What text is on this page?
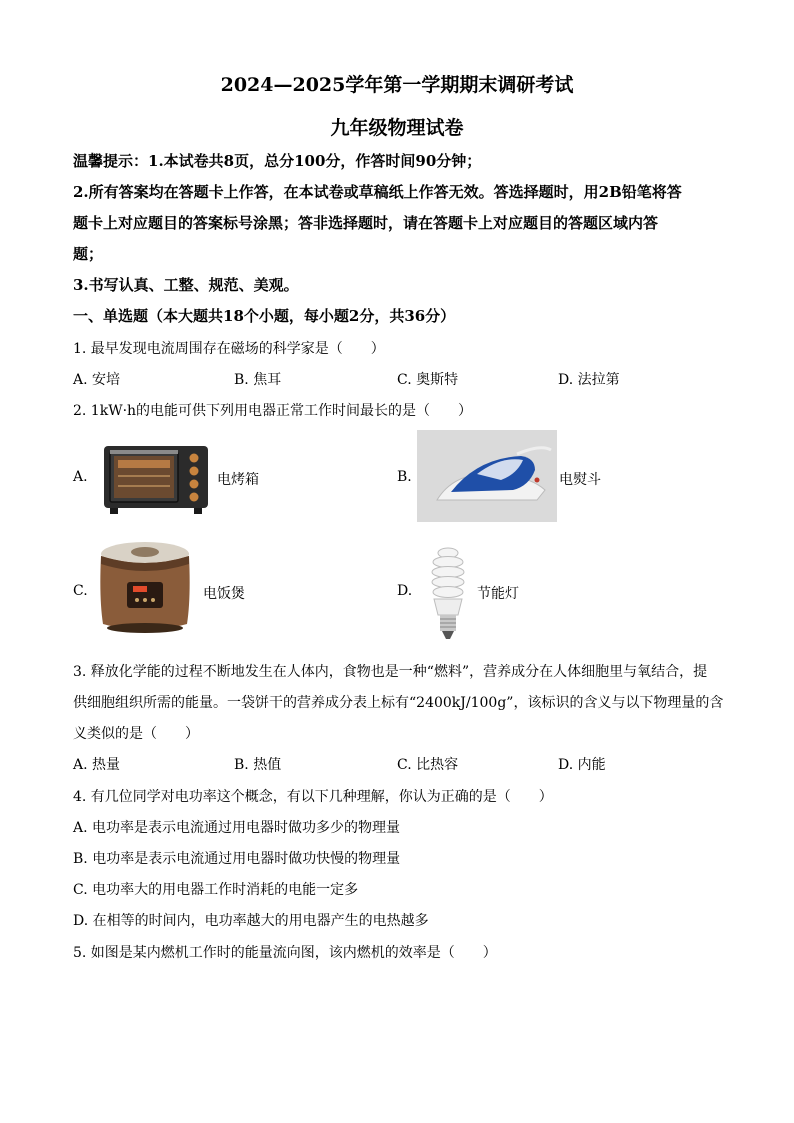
2024—2025学年第一学期期末调研考试
九年级物理试卷
温馨提示：1.本试卷共8页，总分100分，作答时间90分钟；
2.所有答案均在答题卡上作答，在本试卷或草稿纸上作答无效。答选择题时，用2B铅笔将答
题卡上对应题目的答案标号涂黑；答非选择题时，请在答题卡上对应题目的答题区域内答
题；
3.书写认真、工整、规范、美观。
一、单选题（本大题共18个小题，每小题2分，共36分）
1. 最早发现电流周围存在磁场的科学家是（　　）
A. 安培	B. 焦耳	C. 奥斯特	D. 法拉第
2. 1kW·h的电能可供下列用电器正常工作时间最长的是（　　）
A.	电烤箱	B.	电熨斗
C.	电饭煲	D.	节能灯
3. 释放化学能的过程不断地发生在人体内，食物也是一种“燃料”，营养成分在人体细胞里与氧结合，提
供细胞组织所需的能量。一袋饼干的营养成分表上标有“2400kJ/100g”，该标识的含义与以下物理量的含
义类似的是（　　）
A. 热量	B. 热值	C. 比热容	D. 内能
4. 有几位同学对电功率这个概念，有以下几种理解，你认为正确的是（　　）
A. 电功率是表示电流通过用电器时做功多少的物理量
B. 电功率是表示电流通过用电器时做功快慢的物理量
C. 电功率大的用电器工作时消耗的电能一定多
D. 在相等的时间内，电功率越大的用电器产生的电热越多
5. 如图是某内燃机工作时的能量流向图，该内燃机的效率是（　　）
